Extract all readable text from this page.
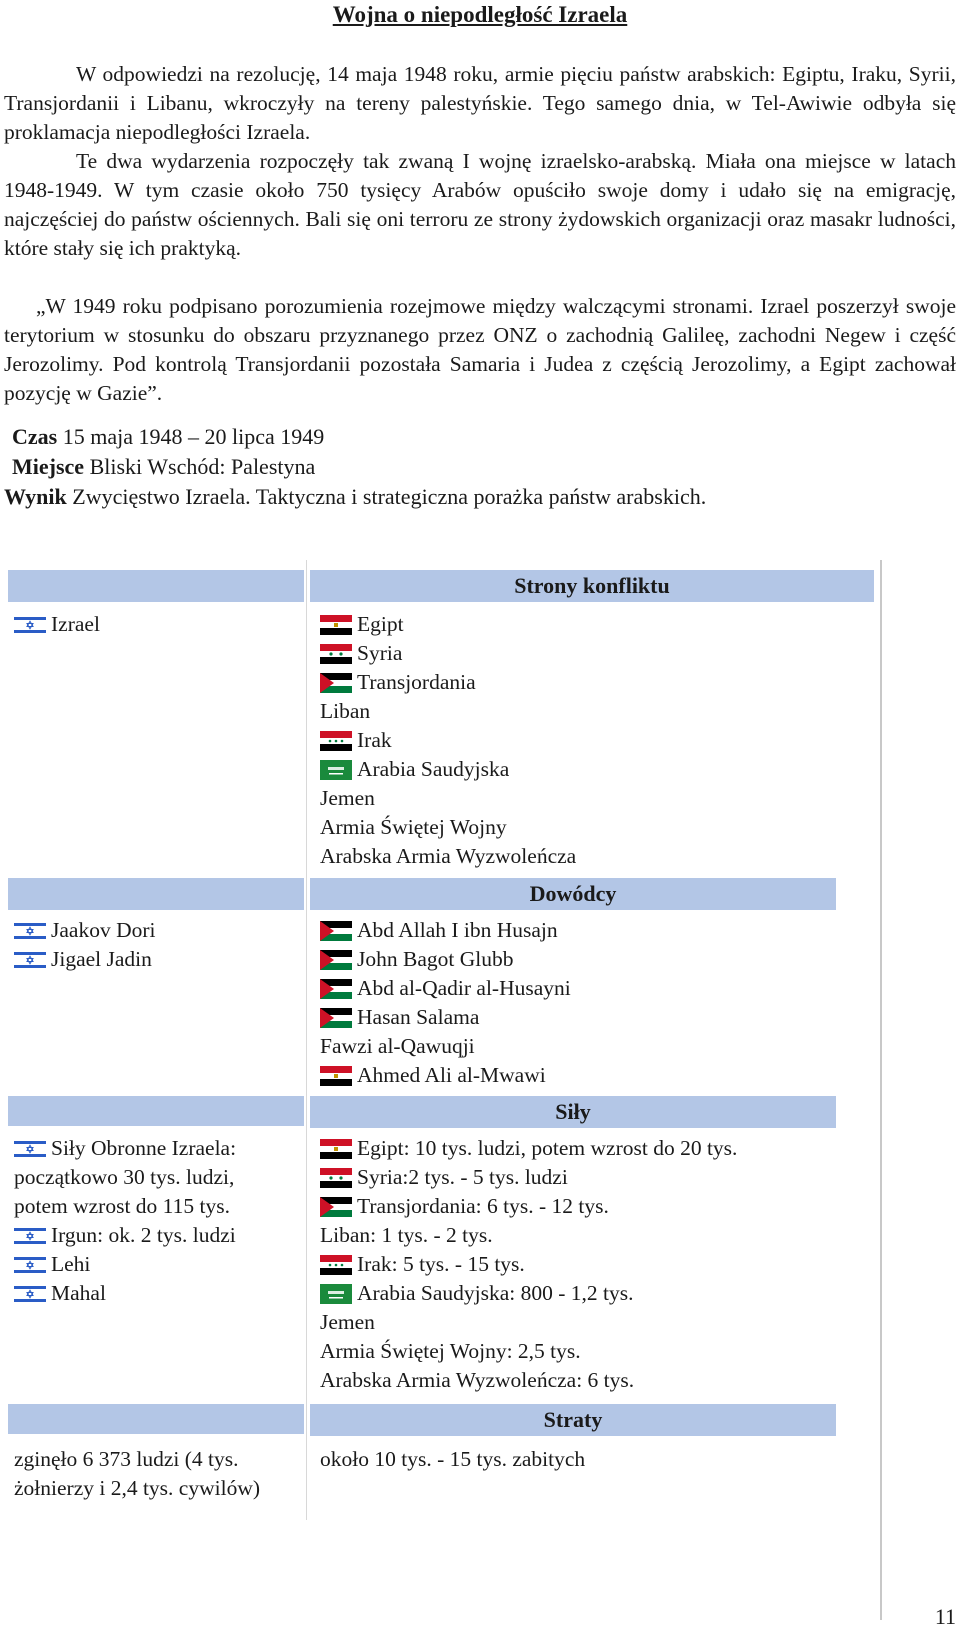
Wojna o niepodległość Izraela
W odpowiedzi na rezolucję, 14 maja 1948 roku, armie pięciu państw arabskich: Egiptu, Iraku, Syrii, Transjordanii i Libanu, wkroczyły na tereny palestyńskie. Tego samego dnia, w Tel-Awiwie odbyła się proklamacja niepodległości Izraela.
Te dwa wydarzenia rozpoczęły tak zwaną I wojnę izraelsko-arabską. Miała ona miejsce w latach 1948-1949. W tym czasie około 750 tysięcy Arabów opuściło swoje domy i udało się na emigrację, najczęściej do państw ościennych. Bali się oni terroru ze strony żydowskich organizacji oraz masakr ludności, które stały się ich praktyką.
„W 1949 roku podpisano porozumienia rozejmowe między walczącymi stronami. Izrael poszerzył swoje terytorium w stosunku do obszaru przyznanego przez ONZ o zachodnią Galileę, zachodni Negew i część Jerozolimy. Pod kontrolą Transjordanii pozostała Samaria i Judea z częścią Jerozolimy, a Egipt zachował pozycję w Gazie”.
Czas 15 maja 1948 – 20 lipca 1949
Miejsce Bliski Wschód: Palestyna
Wynik Zwycięstwo Izraela. Taktyczna i strategiczna porażka państw arabskich.
Strony konfliktu
Izrael	Egipt
Syria
Transjordania
Liban
Irak
Arabia Saudyjska
Jemen
Armia Świętej Wojny
Arabska Armia Wyzwoleńcza
Dowódcy
Jaakov Dori
Jigael Jadin
Abd Allah I ibn Husajn
John Bagot Glubb
Abd al-Qadir al-Husayni
Hasan Salama
Fawzi al-Qawuqji
Ahmed Ali al-Mwawi
Siły
Siły Obronne Izraela:
początkowo 30 tys. ludzi,
potem wzrost do 115 tys.
Irgun: ok. 2 tys. ludzi
Lehi
Mahal
Egipt: 10 tys. ludzi, potem wzrost do 20 tys.
Syria:2 tys. - 5 tys. ludzi
Transjordania: 6 tys. - 12 tys.
Liban: 1 tys. - 2 tys.
Irak: 5 tys. - 15 tys.
Arabia Saudyjska: 800 - 1,2 tys.
Jemen
Armia Świętej Wojny: 2,5 tys.
Arabska Armia Wyzwoleńcza: 6 tys.
Straty
zginęło 6 373 ludzi (4 tys.
żołnierzy i 2,4 tys. cywilów)
około 10 tys. - 15 tys. zabitych
11
